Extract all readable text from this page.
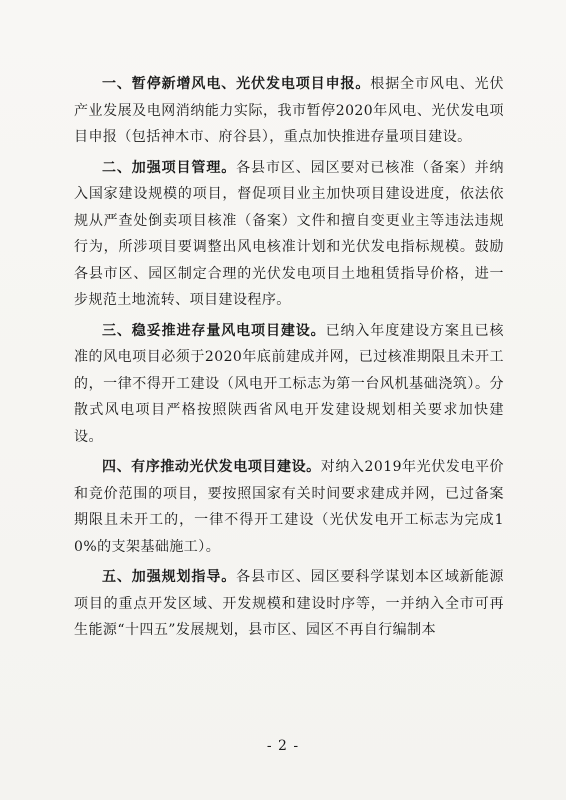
一、暂停新增风电、光伏发电项目申报。根据全市风电、光伏产业发展及电网消纳能力实际，我市暂停2020年风电、光伏发电项目申报（包括神木市、府谷县），重点加快推进存量项目建设。

二、加强项目管理。各县市区、园区要对已核准（备案）并纳入国家建设规模的项目，督促项目业主加快项目建设进度，依法依规从严查处倒卖项目核准（备案）文件和擅自变更业主等违法违规行为，所涉项目要调整出风电核准计划和光伏发电指标规模。鼓励各县市区、园区制定合理的光伏发电项目土地租赁指导价格，进一步规范土地流转、项目建设程序。

三、稳妥推进存量风电项目建设。已纳入年度建设方案且已核准的风电项目必须于2020年底前建成并网，已过核准期限且未开工的，一律不得开工建设（风电开工标志为第一台风机基础浇筑）。分散式风电项目严格按照陕西省风电开发建设规划相关要求加快建设。

四、有序推动光伏发电项目建设。对纳入2019年光伏发电平价和竞价范围的项目，要按照国家有关时间要求建成并网，已过备案期限且未开工的，一律不得开工建设（光伏发电开工标志为完成10%的支架基础施工）。

五、加强规划指导。各县市区、园区要科学谋划本区域新能源项目的重点开发区域、开发规模和建设时序等，一并纳入全市可再生能源“十四五”发展规划，县市区、园区不再自行编制本

- 2 -
